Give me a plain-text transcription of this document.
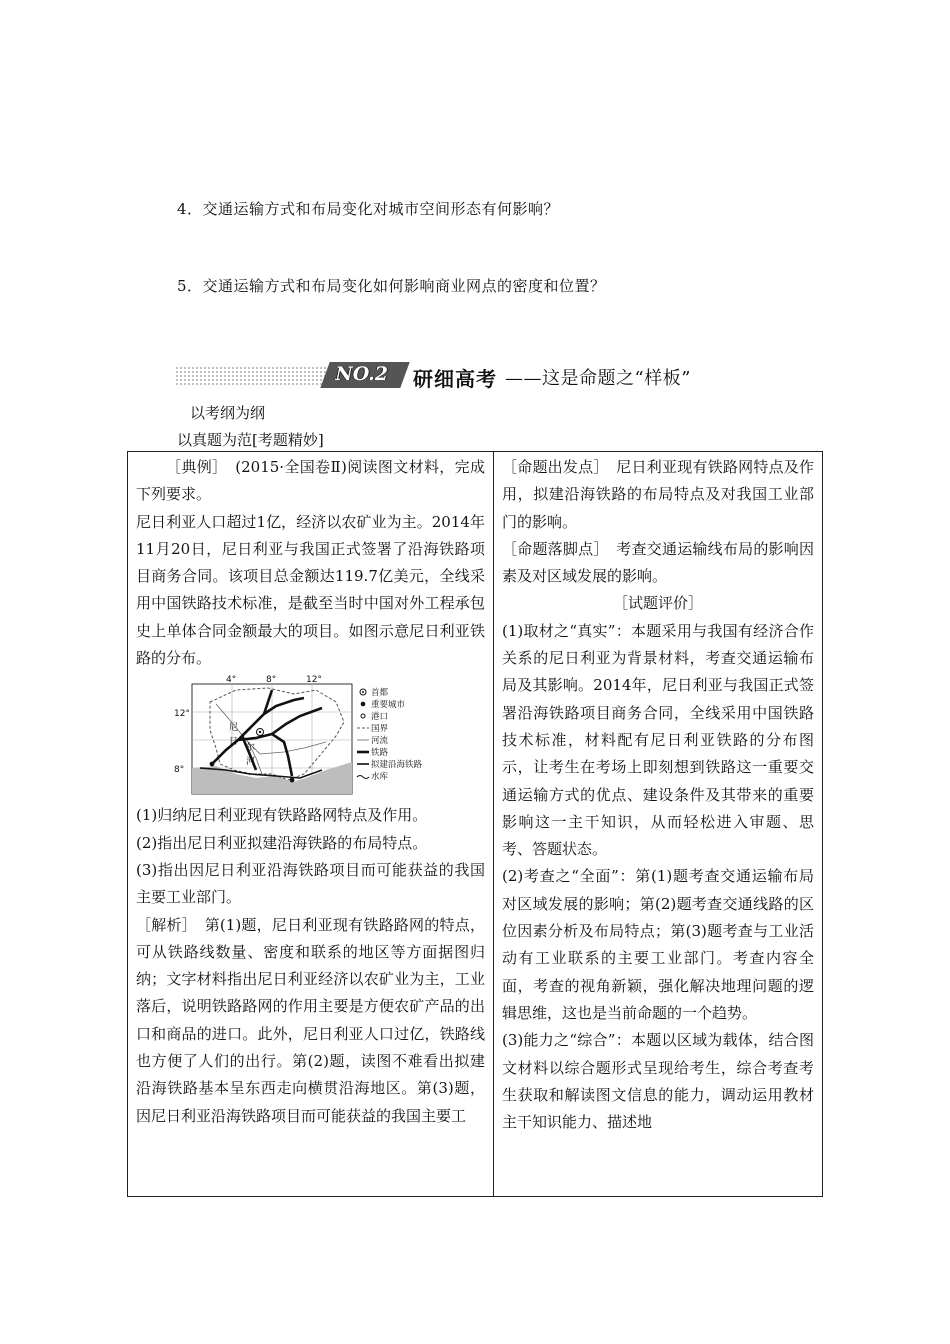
4．交通运输方式和布局变化对城市空间形态有何影响？
5．交通运输方式和布局变化如何影响商业网点的密度和位置？
NO.2 研细高考 ——这是命题之“样板”
以考纲为纲
以真题为范[考题精妙]

［典例］　(2015·全国卷Ⅱ)阅读图文材料，完成下列要求。

尼日利亚人口超过1亿，经济以农矿业为主。2014年11月20日，尼日利亚与我国正式签署了沿海铁路项目商务合同。该项目总金额达119.7亿美元，全线采用中国铁路技术标准，是截至当时中国对外工程承包史上单体合同金额最大的项目。如图示意尼日利亚铁路的分布。

4°	8°	12°
12°
8°
尼
日
尔
河
首都
重要城市
港口
国界
河流
铁路
拟建沿海铁路
水库

(1)归纳尼日利亚现有铁路路网特点及作用。

(2)指出尼日利亚拟建沿海铁路的布局特点。

(3)指出因尼日利亚沿海铁路项目而可能获益的我国主要工业部门。

［解析］　第(1)题，尼日利亚现有铁路路网的特点，可从铁路线数量、密度和联系的地区等方面据图归纳；文字材料指出尼日利亚经济以农矿业为主，工业落后，说明铁路路网的作用主要是方便农矿产品的出口和商品的进口。此外，尼日利亚人口过亿，铁路线也方便了人们的出行。第(2)题，读图不难看出拟建沿海铁路基本呈东西走向横贯沿海地区。第(3)题，因尼日利亚沿海铁路项目而可能获益的我国主要工

［命题出发点］　尼日利亚现有铁路网特点及作用，拟建沿海铁路的布局特点及对我国工业部门的影响。

［命题落脚点］　考查交通运输线布局的影响因素及对区域发展的影响。

［试题评价］

(1)取材之“真实”：本题采用与我国有经济合作关系的尼日利亚为背景材料，考查交通运输布局及其影响。2014年，尼日利亚与我国正式签署沿海铁路项目商务合同，全线采用中国铁路技术标准，材料配有尼日利亚铁路的分布图示，让考生在考场上即刻想到铁路这一重要交通运输方式的优点、建设条件及其带来的重要影响这一主干知识，从而轻松进入审题、思考、答题状态。

(2)考查之“全面”：第(1)题考查交通运输布局对区域发展的影响；第(2)题考查交通线路的区位因素分析及布局特点；第(3)题考查与工业活动有工业联系的主要工业部门。考查内容全面，考查的视角新颖，强化解决地理问题的逻辑思维，这也是当前命题的一个趋势。

(3)能力之“综合”：本题以区域为载体，结合图文材料以综合题形式呈现给考生，综合考查考生获取和解读图文信息的能力，调动运用教材主干知识能力、描述地
